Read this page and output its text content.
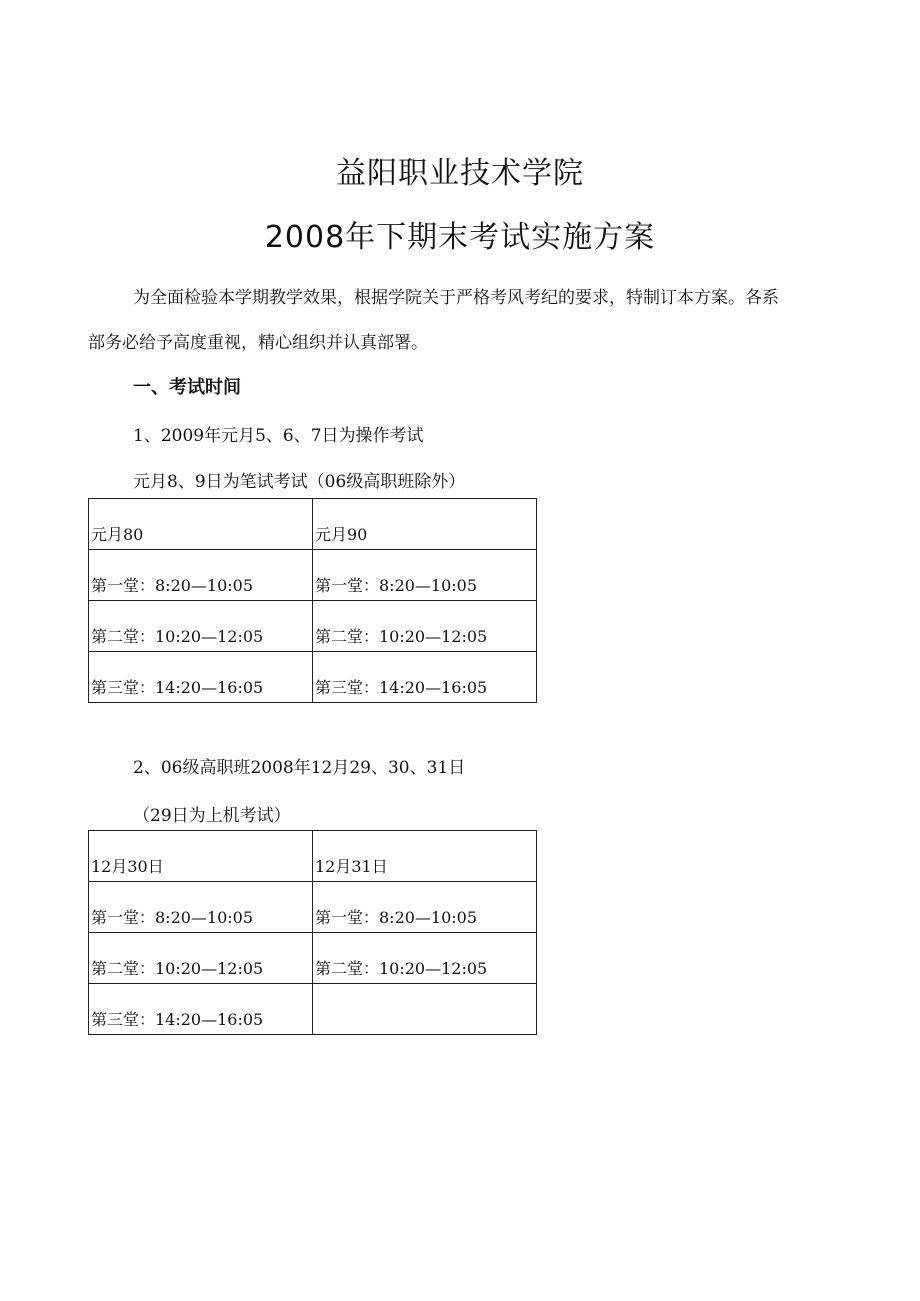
益阳职业技术学院
2008年下期末考试实施方案
为全面检验本学期教学效果，根据学院关于严格考风考纪的要求，特制订本方案。各系
部务必给予高度重视，精心组织并认真部署。
一、考试时间
1、2009年元月5、6、7日为操作考试
元月8、9日为笔试考试（06级高职班除外）
元月80	元月90
第一堂：8:20—10:05	第一堂：8:20—10:05
第二堂：10:20—12:05	第二堂：10:20—12:05
第三堂：14:20—16:05	第三堂：14:20—16:05
2、06级高职班2008年12月29、30、31日
（29日为上机考试）
12月30日	12月31日
第一堂：8:20—10:05	第一堂：8:20—10:05
第二堂：10:20—12:05	第二堂：10:20—12:05
第三堂：14:20—16:05	
